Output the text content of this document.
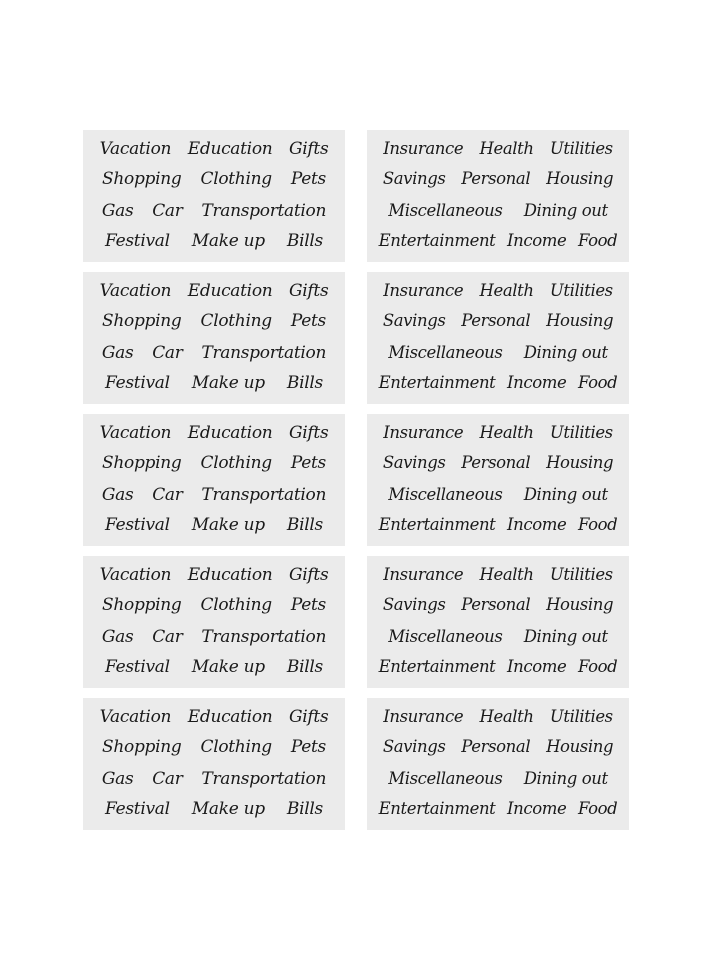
Vacation Education Gifts
Shopping Clothing Pets
Gas Car Transportation
Festival Make up Bills
Insurance Health Utilities
Savings Personal Housing
Miscellaneous Dining out
Entertainment Income Food
Vacation Education Gifts
Shopping Clothing Pets
Gas Car Transportation
Festival Make up Bills
Insurance Health Utilities
Savings Personal Housing
Miscellaneous Dining out
Entertainment Income Food
Vacation Education Gifts
Shopping Clothing Pets
Gas Car Transportation
Festival Make up Bills
Insurance Health Utilities
Savings Personal Housing
Miscellaneous Dining out
Entertainment Income Food
Vacation Education Gifts
Shopping Clothing Pets
Gas Car Transportation
Festival Make up Bills
Insurance Health Utilities
Savings Personal Housing
Miscellaneous Dining out
Entertainment Income Food
Vacation Education Gifts
Shopping Clothing Pets
Gas Car Transportation
Festival Make up Bills
Insurance Health Utilities
Savings Personal Housing
Miscellaneous Dining out
Entertainment Income Food
